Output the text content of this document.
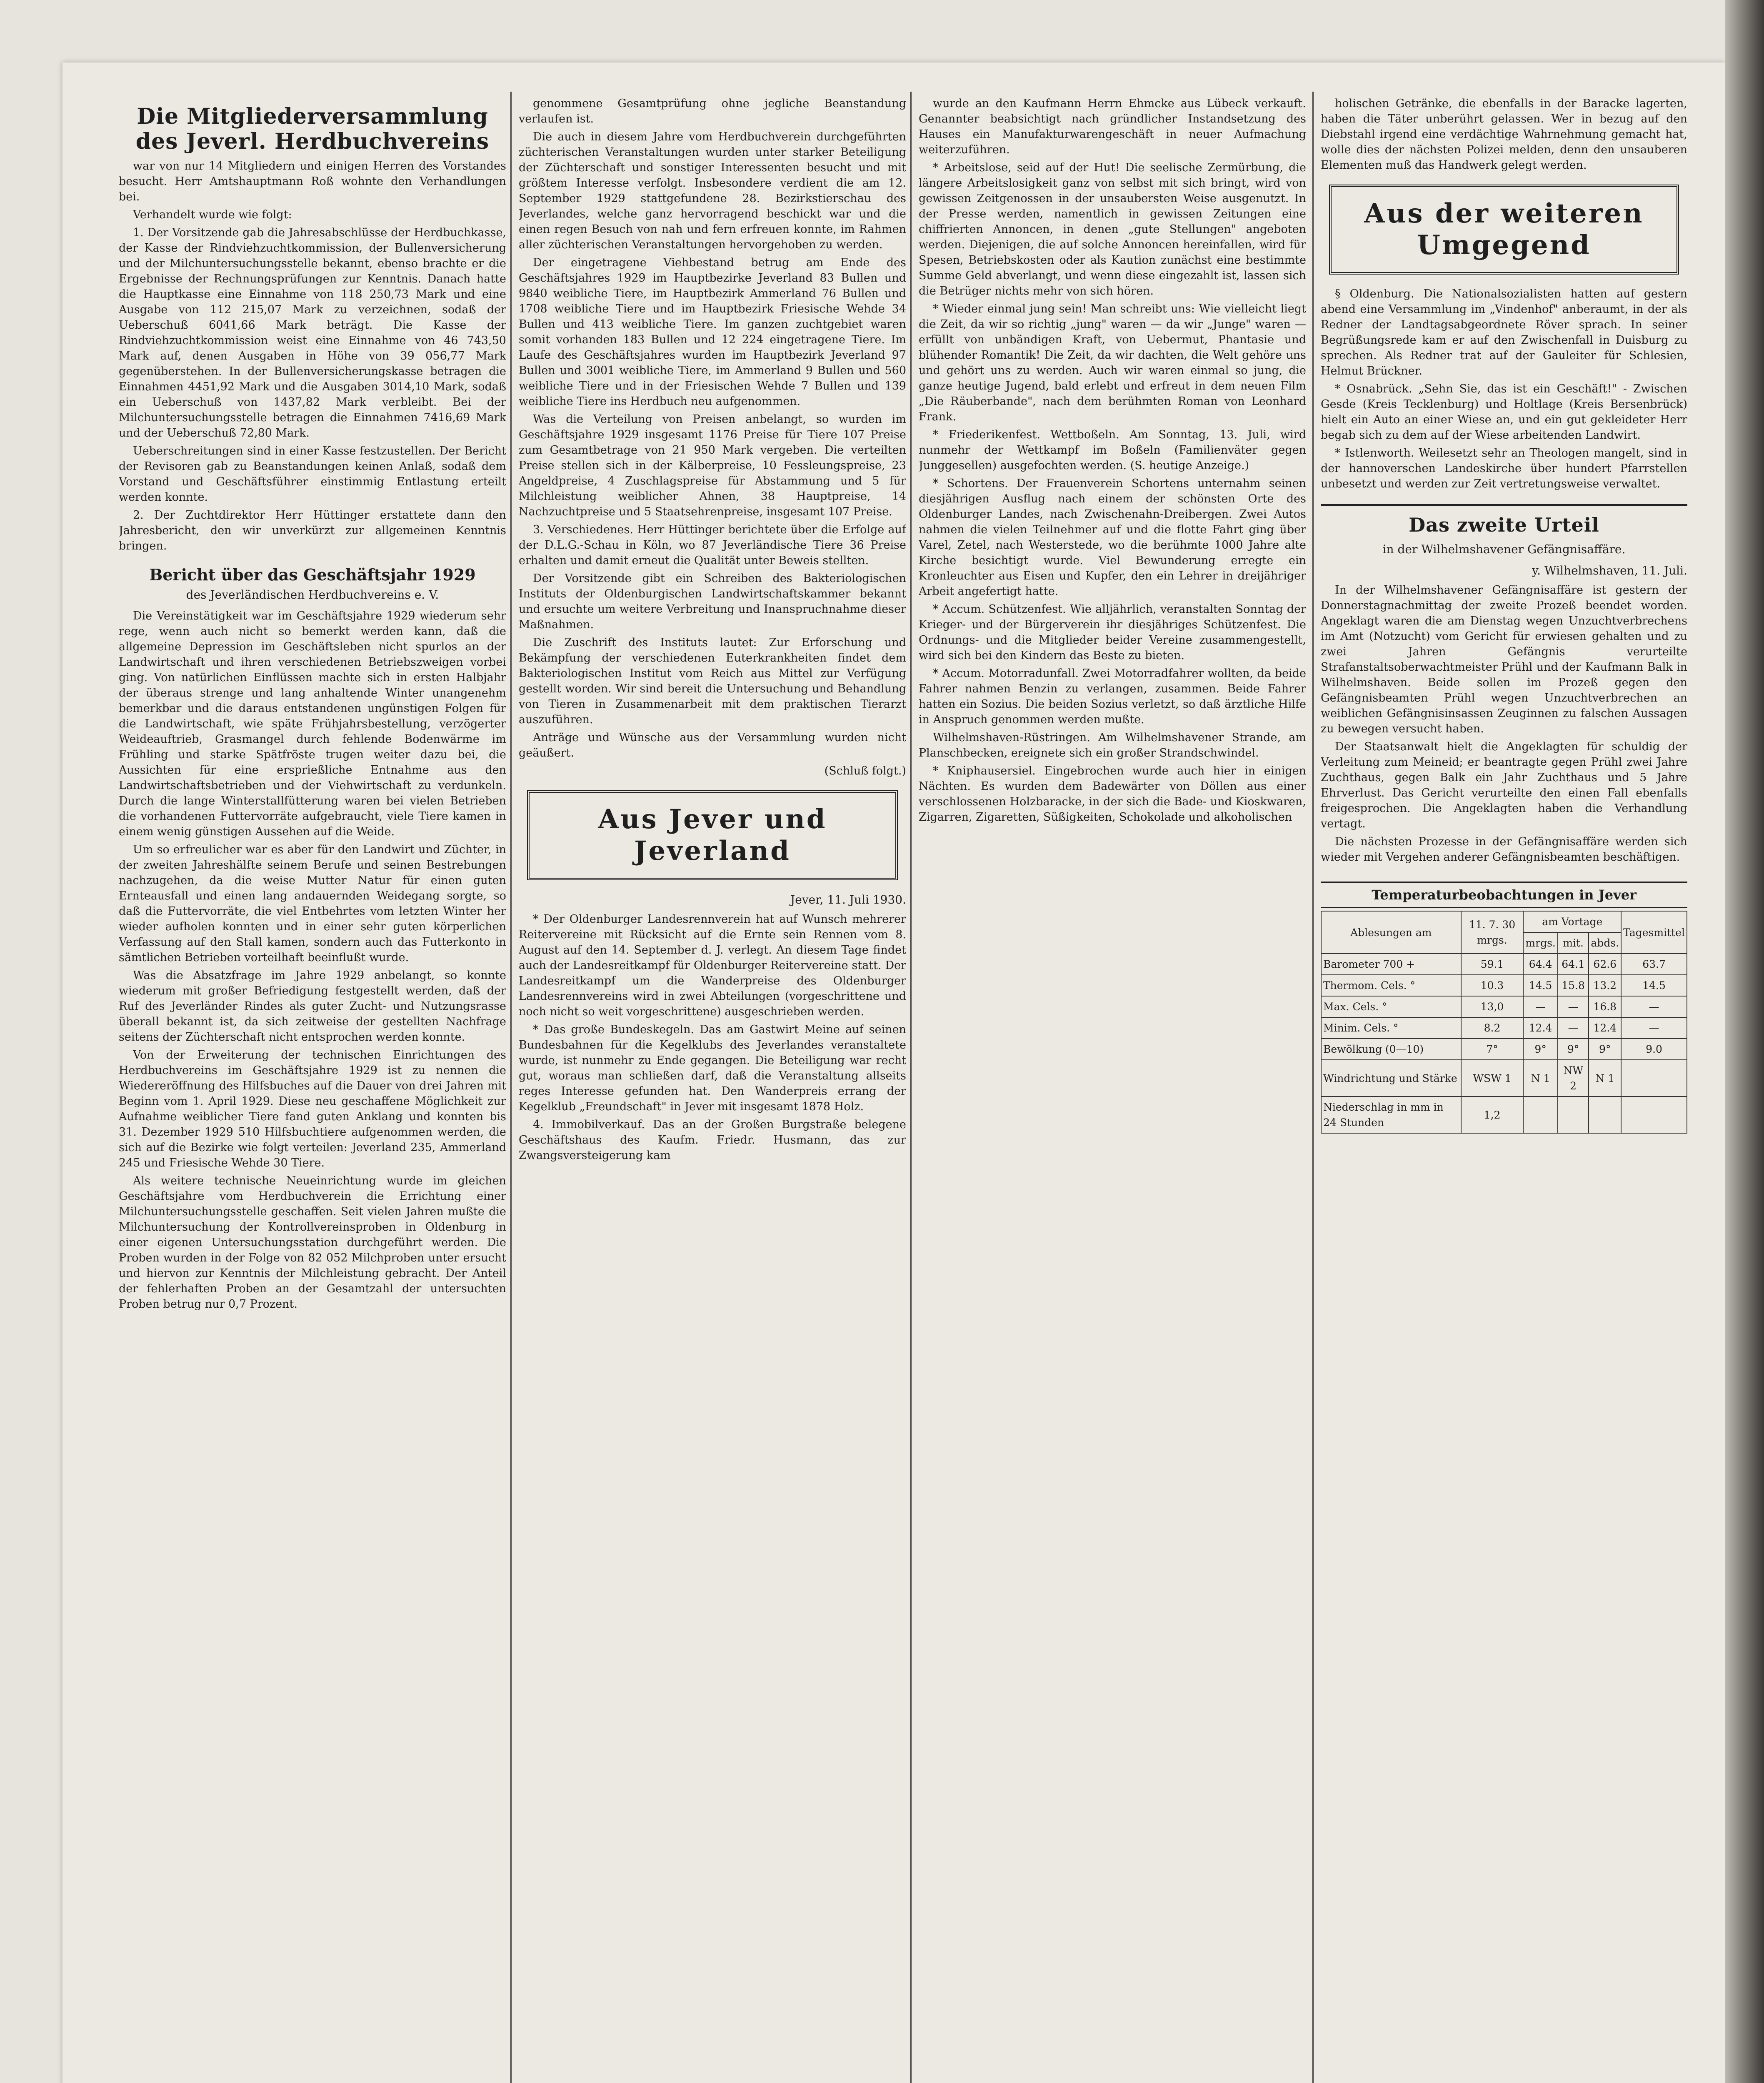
Die Mitgliederversammlung des Jeverl. Herdbuchvereins

war von nur 14 Mitgliedern und einigen Herren des Vorstandes besucht. Herr Amtshauptmann Roß wohnte den Verhandlungen bei.

Verhandelt wurde wie folgt:

1. Der Vorsitzende gab die Jahresabschlüsse der Herdbuchkasse, der Kasse der Rindviehzuchtkommission, der Bullenversicherung und der Milchuntersuchungsstelle bekannt, ebenso brachte er die Ergebnisse der Rechnungsprüfungen zur Kenntnis. Danach hatte die Hauptkasse eine Einnahme von 118 250,73 Mark und eine Ausgabe von 112 215,07 Mark zu verzeichnen, sodaß der Ueberschuß 6041,66 Mark beträgt. Die Kasse der Rindviehzuchtkommission weist eine Einnahme von 46 743,50 Mark auf, denen Ausgaben in Höhe von 39 056,77 Mark gegenüberstehen. In der Bullenversicherungskasse betragen die Einnahmen 4451,92 Mark und die Ausgaben 3014,10 Mark, sodaß ein Ueberschuß von 1437,82 Mark verbleibt. Bei der Milchuntersuchungsstelle betragen die Einnahmen 7416,69 Mark und der Ueberschuß 72,80 Mark.

Ueberschreitungen sind in einer Kasse festzustellen. Der Bericht der Revisoren gab zu Beanstandungen keinen Anlaß, sodaß dem Vorstand und Geschäftsführer einstimmig Entlastung erteilt werden konnte.

2. Der Zuchtdirektor Herr Hüttinger erstattete dann den Jahresbericht, den wir unverkürzt zur allgemeinen Kenntnis bringen.

Bericht über das Geschäftsjahr 1929
des Jeverländischen Herdbuchvereins e. V.

Die Vereinstätigkeit war im Geschäftsjahre 1929 wiederum sehr rege, wenn auch nicht so bemerkt werden kann, daß die allgemeine Depression im Geschäftsleben nicht spurlos an der Landwirtschaft und ihren verschiedenen Betriebszweigen vorbei ging. Von natürlichen Einflüssen machte sich in ersten Halbjahr der überaus strenge und lang anhaltende Winter unangenehm bemerkbar und die daraus entstandenen ungünstigen Folgen für die Landwirtschaft, wie späte Frühjahrsbestellung, verzögerter Weideauftrieb, Grasmangel durch fehlende Bodenwärme im Frühling und starke Spätfröste trugen weiter dazu bei, die Aussichten für eine ersprießliche Entnahme aus den Landwirtschaftsbetrieben und der Viehwirtschaft zu verdunkeln. Durch die lange Winterstallfütterung waren bei vielen Betrieben die vorhandenen Futtervorräte aufgebraucht, viele Tiere kamen in einem wenig günstigen Aussehen auf die Weide.

Um so erfreulicher war es aber für den Landwirt und Züchter, in der zweiten Jahreshälfte seinem Berufe und seinen Bestrebungen nachzugehen, da die weise Mutter Natur für einen guten Ernteausfall und einen lang andauernden Weidegang sorgte, so daß die Futtervorräte, die viel Entbehrtes vom letzten Winter her wieder aufholen konnten und in einer sehr guten körperlichen Verfassung auf den Stall kamen, sondern auch das Futterkonto in sämtlichen Betrieben vorteilhaft beeinflußt wurde.

Was die Absatzfrage im Jahre 1929 anbelangt, so konnte wiederum mit großer Befriedigung festgestellt werden, daß der Ruf des Jeverländer Rindes als guter Zucht- und Nutzungsrasse überall bekannt ist, da sich zeitweise der gestellten Nachfrage seitens der Züchterschaft nicht entsprochen werden konnte.

Von der Erweiterung der technischen Einrichtungen des Herdbuchvereins im Geschäftsjahre 1929 ist zu nennen die Wiedereröffnung des Hilfsbuches auf die Dauer von drei Jahren mit Beginn vom 1. April 1929. Diese neu geschaffene Möglichkeit zur Aufnahme weiblicher Tiere fand guten Anklang und konnten bis 31. Dezember 1929 510 Hilfsbuchtiere aufgenommen werden, die sich auf die Bezirke wie folgt verteilen: Jeverland 235, Ammerland 245 und Friesische Wehde 30 Tiere.

Als weitere technische Neueinrichtung wurde im gleichen Geschäftsjahre vom Herdbuchverein die Errichtung einer Milchuntersuchungsstelle geschaffen. Seit vielen Jahren mußte die Milchuntersuchung der Kontrollvereinsproben in Oldenburg in einer eigenen Untersuchungsstation durchgeführt werden. Die Proben wurden in der Folge von 82 052 Milchproben unter ersucht und hiervon zur Kenntnis der Milchleistung gebracht. Der Anteil der fehlerhaften Proben an der Gesamtzahl der untersuchten Proben betrug nur 0,7 Prozent.

genommene Gesamtprüfung ohne jegliche Beanstandung verlaufen ist.

Die auch in diesem Jahre vom Herdbuchverein durchgeführten züchterischen Veranstaltungen wurden unter starker Beteiligung der Züchterschaft und sonstiger Interessenten besucht und mit größtem Interesse verfolgt. Insbesondere verdient die am 12. September 1929 stattgefundene 28. Bezirkstierschau des Jeverlandes, welche ganz hervorragend beschickt war und die einen regen Besuch von nah und fern erfreuen konnte, im Rahmen aller züchterischen Veranstaltungen hervorgehoben zu werden.

Der eingetragene Viehbestand betrug am Ende des Geschäftsjahres 1929 im Hauptbezirke Jeverland 83 Bullen und 9840 weibliche Tiere, im Hauptbezirk Ammerland 76 Bullen und 1708 weibliche Tiere und im Hauptbezirk Friesische Wehde 34 Bullen und 413 weibliche Tiere. Im ganzen zuchtgebiet waren somit vorhanden 183 Bullen und 12 224 eingetragene Tiere. Im Laufe des Geschäftsjahres wurden im Hauptbezirk Jeverland 97 Bullen und 3001 weibliche Tiere, im Ammerland 9 Bullen und 560 weibliche Tiere und in der Friesischen Wehde 7 Bullen und 139 weibliche Tiere ins Herdbuch neu aufgenommen.

Was die Verteilung von Preisen anbelangt, so wurden im Geschäftsjahre 1929 insgesamt 1176 Preise für Tiere 107 Preise zum Gesamtbetrage von 21 950 Mark vergeben. Die verteilten Preise stellen sich in der Kälberpreise, 10 Fessleungspreise, 23 Angeldpreise, 4 Zuschlagspreise für Abstammung und 5 für Milchleistung weiblicher Ahnen, 38 Hauptpreise, 14 Nachzuchtpreise und 5 Staatsehrenpreise, insgesamt 107 Preise.

3. Verschiedenes. Herr Hüttinger berichtete über die Erfolge auf der D.L.G.-Schau in Köln, wo 87 Jeverländische Tiere 36 Preise erhalten und damit erneut die Qualität unter Beweis stellten.

Der Vorsitzende gibt ein Schreiben des Bakteriologischen Instituts der Oldenburgischen Landwirtschaftskammer bekannt und ersuchte um weitere Verbreitung und Inanspruchnahme dieser Maßnahmen.

Die Zuschrift des Instituts lautet: Zur Erforschung und Bekämpfung der verschiedenen Euterkrankheiten findet dem Bakteriologischen Institut vom Reich aus Mittel zur Verfügung gestellt worden. Wir sind bereit die Untersuchung und Behandlung von Tieren in Zusammenarbeit mit dem praktischen Tierarzt auszuführen.

Anträge und Wünsche aus der Versammlung wurden nicht geäußert.

(Schluß folgt.)
Aus Jever und Jeverland
Jever, 11. Juli 1930.

* Der Oldenburger Landesrennverein hat auf Wunsch mehrerer Reitervereine mit Rücksicht auf die Ernte sein Rennen vom 8. August auf den 14. September d. J. verlegt. An diesem Tage findet auch der Landesreitkampf für Oldenburger Reitervereine statt. Der Landesreitkampf um die Wanderpreise des Oldenburger Landesrennvereins wird in zwei Abteilungen (vorgeschrittene und noch nicht so weit vorgeschrittene) ausgeschrieben werden.

* Das große Bundeskegeln. Das am Gastwirt Meine auf seinen Bundesbahnen für die Kegelklubs des Jeverlandes veranstaltete wurde, ist nunmehr zu Ende gegangen. Die Beteiligung war recht gut, woraus man schließen darf, daß die Veranstaltung allseits reges Interesse gefunden hat. Den Wanderpreis errang der Kegelklub „Freundschaft" in Jever mit insgesamt 1878 Holz.

4. Immobilverkauf. Das an der Großen Burgstraße belegene Geschäftshaus des Kaufm. Friedr. Husmann, das zur Zwangsversteigerung kam

wurde an den Kaufmann Herrn Ehmcke aus Lübeck verkauft. Genannter beabsichtigt nach gründlicher Instandsetzung des Hauses ein Manufakturwarengeschäft in neuer Aufmachung weiterzuführen.

* Arbeitslose, seid auf der Hut! Die seelische Zermürbung, die längere Arbeitslosigkeit ganz von selbst mit sich bringt, wird von gewissen Zeitgenossen in der unsaubersten Weise ausgenutzt. In der Presse werden, namentlich in gewissen Zeitungen eine chiffrierten Annoncen, in denen „gute Stellungen" angeboten werden. Diejenigen, die auf solche Annoncen hereinfallen, wird für Spesen, Betriebskosten oder als Kaution zunächst eine bestimmte Summe Geld abverlangt, und wenn diese eingezahlt ist, lassen sich die Betrüger nichts mehr von sich hören.

* Wieder einmal jung sein! Man schreibt uns: Wie vielleicht liegt die Zeit, da wir so richtig „jung" waren — da wir „Junge" waren — erfüllt von unbändigen Kraft, von Uebermut, Phantasie und blühender Romantik! Die Zeit, da wir dachten, die Welt gehöre uns und gehört uns zu werden. Auch wir waren einmal so jung, die ganze heutige Jugend, bald erlebt und erfreut in dem neuen Film „Die Räuberbande", nach dem berühmten Roman von Leonhard Frank.

* Friederikenfest. Wettboßeln. Am Sonntag, 13. Juli, wird nunmehr der Wettkampf im Boßeln (Familienväter gegen Junggesellen) ausgefochten werden. (S. heutige Anzeige.)

* Schortens. Der Frauenverein Schortens unternahm seinen diesjährigen Ausflug nach einem der schönsten Orte des Oldenburger Landes, nach Zwischenahn-Dreibergen. Zwei Autos nahmen die vielen Teilnehmer auf und die flotte Fahrt ging über Varel, Zetel, nach Westerstede, wo die berühmte 1000 Jahre alte Kirche besichtigt wurde. Viel Bewunderung erregte ein Kronleuchter aus Eisen und Kupfer, den ein Lehrer in dreijähriger Arbeit angefertigt hatte.

* Accum. Schützenfest. Wie alljährlich, veranstalten Sonntag der Krieger- und der Bürgerverein ihr diesjähriges Schützenfest. Die Ordnungs- und die Mitglieder beider Vereine zusammengestellt, wird sich bei den Kindern das Beste zu bieten.

* Accum. Motorradunfall. Zwei Motorradfahrer wollten, da beide Fahrer nahmen Benzin zu verlangen, zusammen. Beide Fahrer hatten ein Sozius. Die beiden Sozius verletzt, so daß ärztliche Hilfe in Anspruch genommen werden mußte.

Wilhelmshaven-Rüstringen. Am Wilhelmshavener Strande, am Planschbecken, ereignete sich ein großer Strandschwindel.

* Kniphausersiel. Eingebrochen wurde auch hier in einigen Nächten. Es wurden dem Badewärter von Döllen aus einer verschlossenen Holzbaracke, in der sich die Bade- und Kioskwaren, Zigarren, Zigaretten, Süßigkeiten, Schokolade und alkoholischen

holischen Getränke, die ebenfalls in der Baracke lagerten, haben die Täter unberührt gelassen. Wer in bezug auf den Diebstahl irgend eine verdächtige Wahrnehmung gemacht hat, wolle dies der nächsten Polizei melden, denn den unsauberen Elementen muß das Handwerk gelegt werden.

Aus der weiteren Umgegend

§ Oldenburg. Die Nationalsozialisten hatten auf gestern abend eine Versammlung im „Vindenhof" anberaumt, in der als Redner der Landtagsabgeordnete Röver sprach. In seiner Begrüßungsrede kam er auf den Zwischenfall in Duisburg zu sprechen. Als Redner trat auf der Gauleiter für Schlesien, Helmut Brückner.

* Osnabrück. „Sehn Sie, das ist ein Geschäft!" - Zwischen Gesde (Kreis Tecklenburg) und Holtlage (Kreis Bersenbrück) hielt ein Auto an einer Wiese an, und ein gut gekleideter Herr begab sich zu dem auf der Wiese arbeitenden Landwirt.

* Istlenworth. Weilesetzt sehr an Theologen mangelt, sind in der hannoverschen Landeskirche über hundert Pfarrstellen unbesetzt und werden zur Zeit vertretungsweise verwaltet.

Das zweite Urteil
in der Wilhelmshavener Gefängnisaffäre.
y. Wilhelmshaven, 11. Juli.

In der Wilhelmshavener Gefängnisaffäre ist gestern der Donnerstagnachmittag der zweite Prozeß beendet worden. Angeklagt waren die am Dienstag wegen Unzuchtverbrechens im Amt (Notzucht) vom Gericht für erwiesen gehalten und zu zwei Jahren Gefängnis verurteilte Strafanstaltsoberwachtmeister Prühl und der Kaufmann Balk in Wilhelmshaven. Beide sollen im Prozeß gegen den Gefängnisbeamten Prühl wegen Unzuchtverbrechen an weiblichen Gefängnisinsassen Zeuginnen zu falschen Aussagen zu bewegen versucht haben.

Der Staatsanwalt hielt die Angeklagten für schuldig der Verleitung zum Meineid; er beantragte gegen Prühl zwei Jahre Zuchthaus, gegen Balk ein Jahr Zuchthaus und 5 Jahre Ehrverlust. Das Gericht verurteilte den einen Fall ebenfalls freigesprochen. Die Angeklagten haben die Verhandlung vertagt.

Die nächsten Prozesse in der Gefängnisaffäre werden sich wieder mit Vergehen anderer Gefängnisbeamten beschäftigen.

Temperaturbeobachtungen in Jever
Ablesungen am	11. 7. 30 mrgs.	am Vortage			Tagesmittel
		mrgs.	mit.	abds.	
Barometer 700 +	59.1	64.4	64.1	62.6	63.7
Thermom. Cels. °	10.3	14.5	15.8	13.2	14.5
Max. Cels. °	13,0	—	—	16.8	—
Minim. Cels. °	8.2	12.4	—	12.4	—
Bewölkung (0—10)	7°	9°	9°	9°	9.0
Windrichtung und Stärke	WSW 1	N 1	NW 2	N 1	
Niederschlag in mm in 24 Stunden	1,2				
